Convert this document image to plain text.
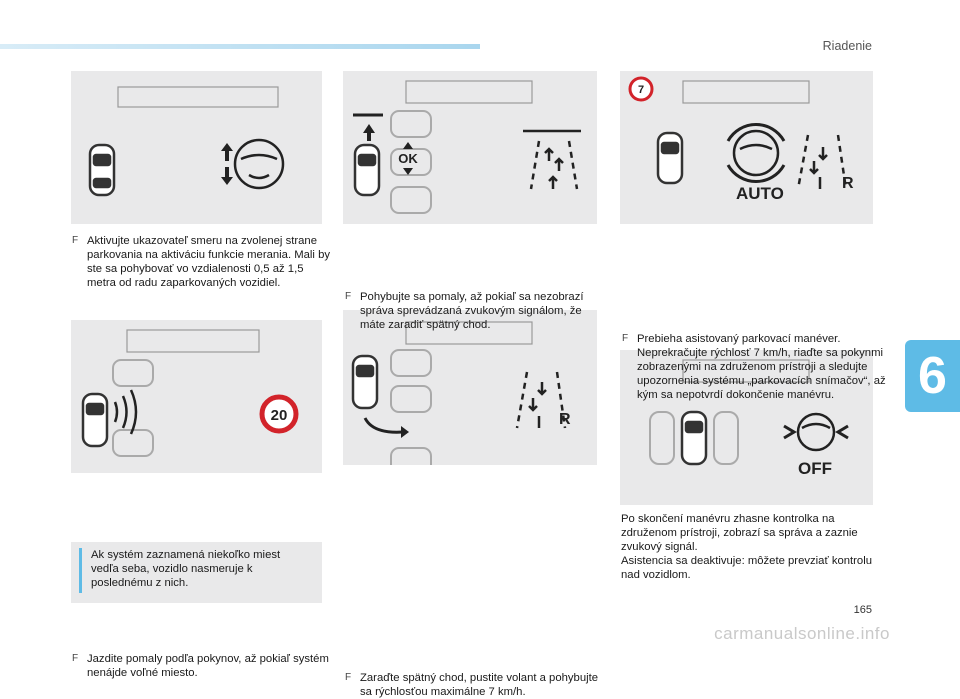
Riadenie
6
165
carmanualsonline.info
OK
7
AUTO
R
20	R
OFF
F Aktivujte ukazovateľ smeru na zvolenej strane parkovania na aktiváciu funkcie merania. Mali by ste sa pohybovať vo vzdialenosti 0,5 až 1,5 metra od radu zaparkovaných vozidiel.
F Pohybujte sa pomaly, až pokiaľ sa nezobrazí správa sprevádzaná zvukovým signálom, že máte zaradiť spätný chod.
F Prebieha asistovaný parkovací manéver. Neprekračujte rýchlosť 7 km/h, riaďte sa pokynmi zobrazenými na združenom prístroji a sledujte upozornenia systému „parkovacích snímačov“, až kým sa nepotvrdí dokončenie manévru.
F Jazdite pomaly podľa pokynov, až pokiaľ systém nenájde voľné miesto.	F Zaraďte spätný chod, pustite volant a pohybujte sa rýchlosťou maximálne 7 km/h.
Po skončení manévru zhasne kontrolka na združenom prístroji, zobrazí sa správa a zaznie zvukový signál.
Asistencia sa deaktivuje: môžete prevziať kontrolu nad vozidlom.
Ak systém zaznamená niekoľko miest vedľa seba, vozidlo nasmeruje k poslednému z nich.
